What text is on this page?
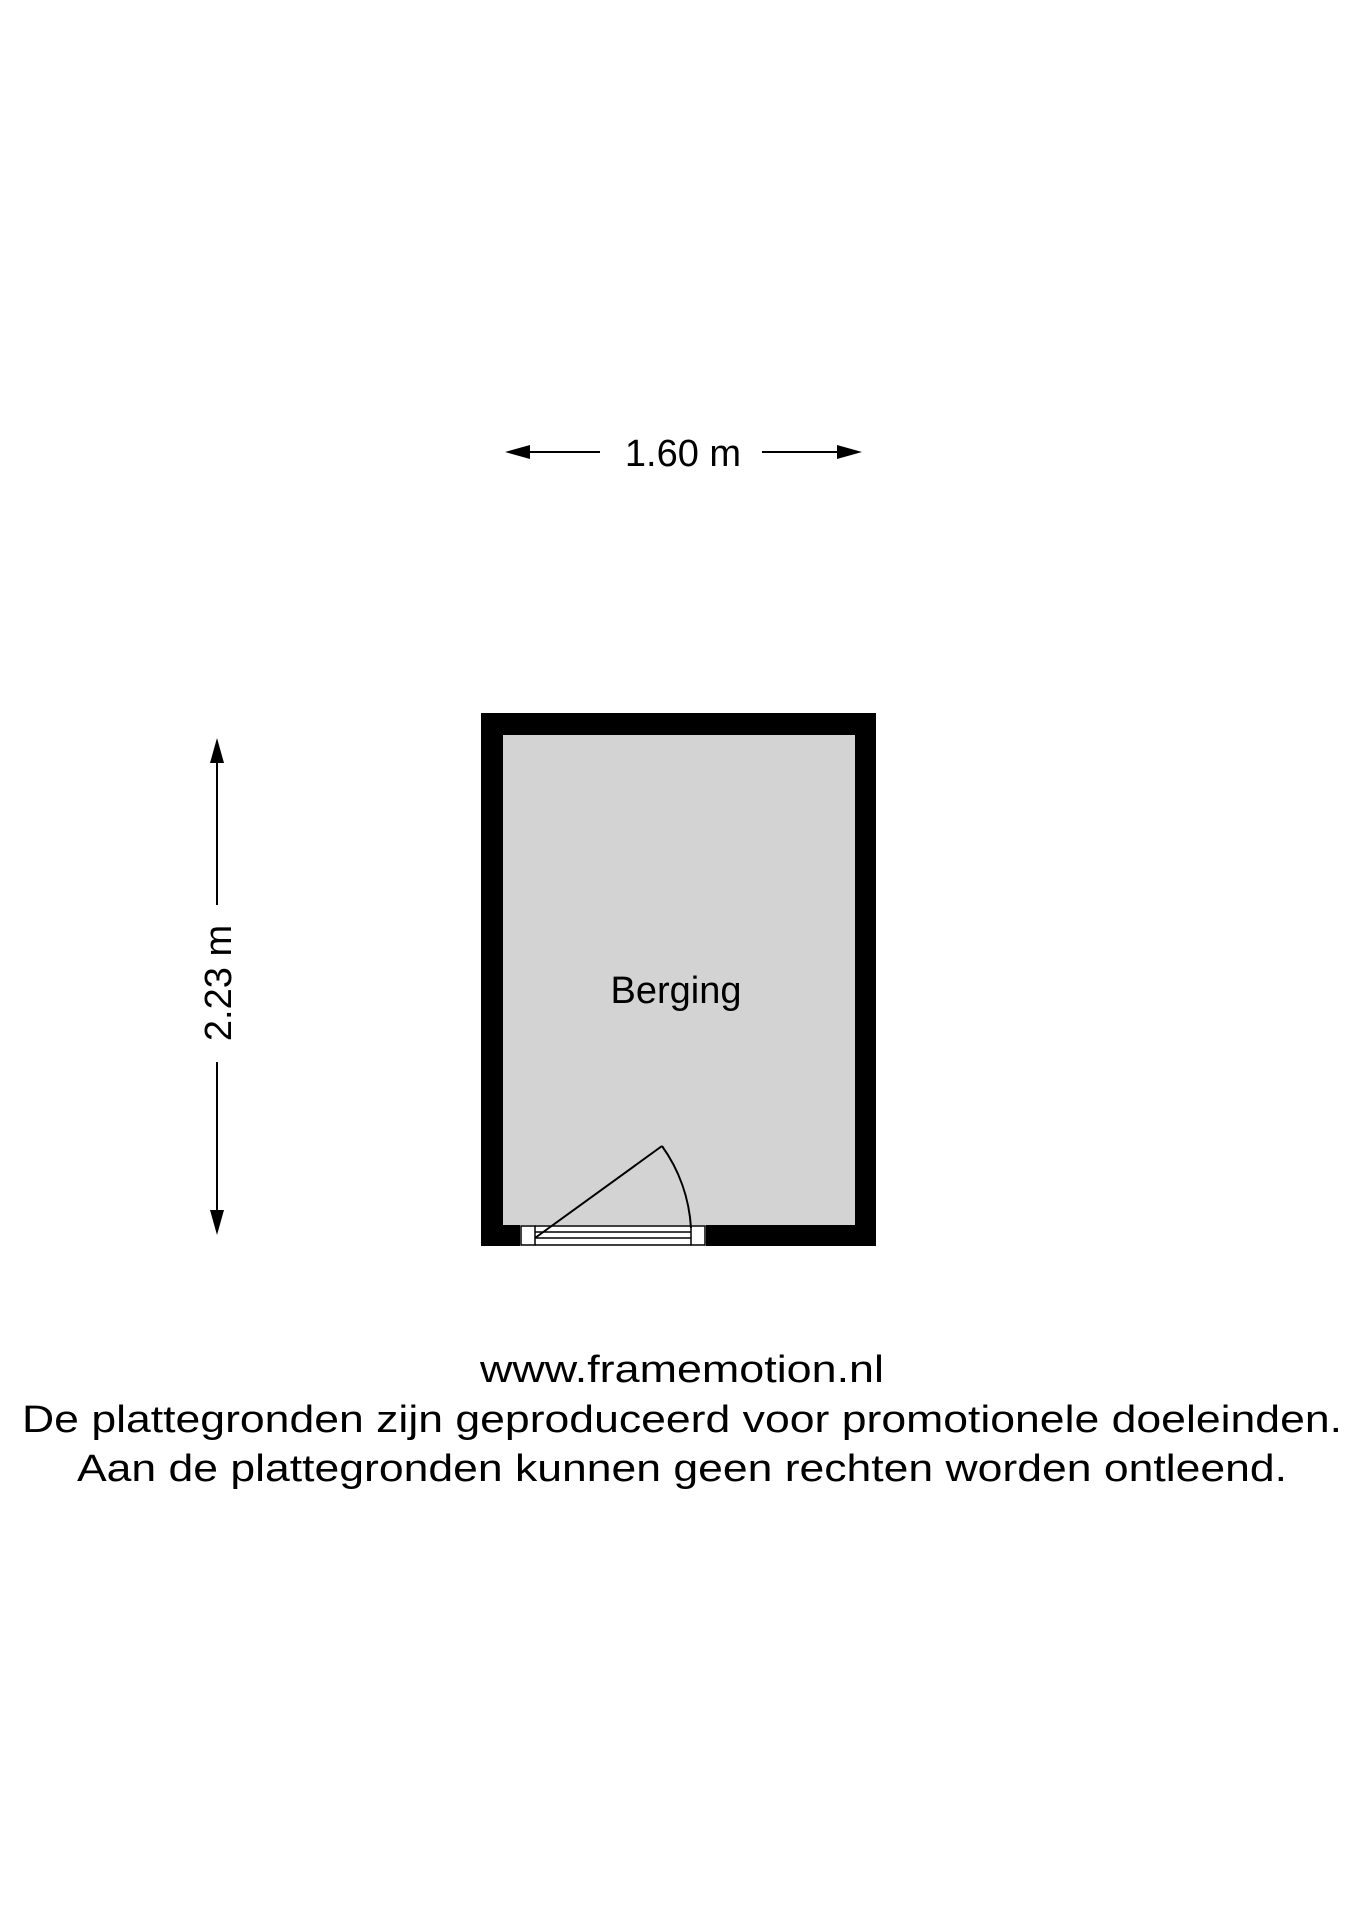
1.60 m
2.23 m	Berging
www.framemotion.nl
De plattegronden zijn geproduceerd voor promotionele doeleinden.
Aan de plattegronden kunnen geen rechten worden ontleend.
